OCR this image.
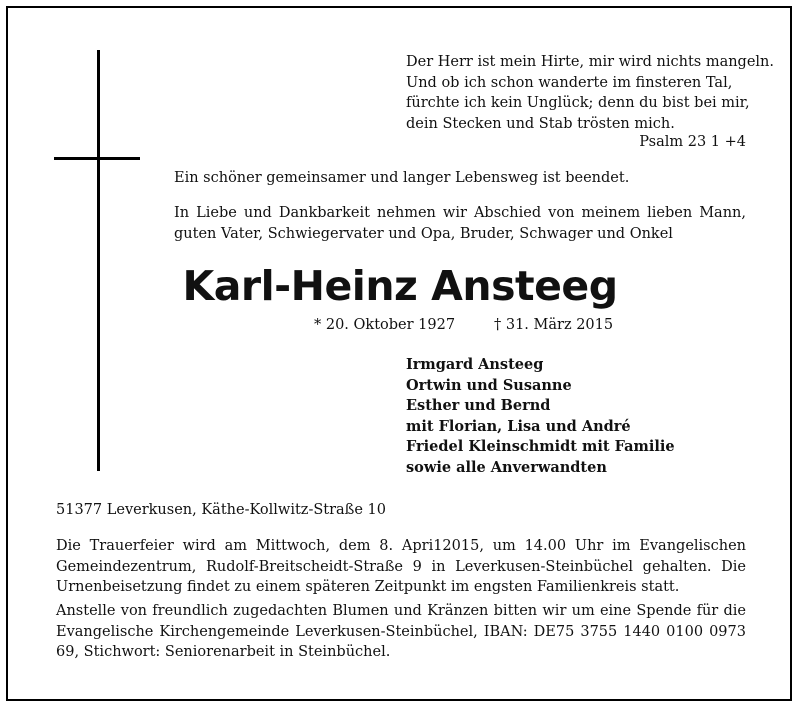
Der Herr ist mein Hirte, mir wird nichts mangeln.
Und ob ich schon wanderte im finsteren Tal,
fürchte ich kein Unglück; denn du bist bei mir,
dein Stecken und Stab trösten mich.
Psalm 23 1 +4
Ein schöner gemeinsamer und langer Lebensweg ist beendet.
In Liebe und Dankbarkeit nehmen wir Abschied von meinem lieben Mann, guten Vater, Schwiegervater und Opa, Bruder, Schwager und Onkel
Karl-Heinz Ansteeg
* 20. Oktober 1927	† 31. März 2015
Irmgard Ansteeg
Ortwin und Susanne
Esther und Bernd
mit Florian, Lisa und André
Friedel Kleinschmidt mit Familie
sowie alle Anverwandten
51377 Leverkusen, Käthe-Kollwitz-Straße 10
Die Trauerfeier wird am Mittwoch, dem 8. Apri12015, um 14.00 Uhr im Evangelischen Gemeindezentrum, Rudolf-Breitscheidt-Straße 9 in Leverkusen-Steinbüchel gehalten. Die Urnenbeisetzung findet zu einem späteren Zeitpunkt im engsten Familienkreis statt.
Anstelle von freundlich zugedachten Blumen und Kränzen bitten wir um eine Spende für die Evangelische Kirchengemeinde Leverkusen-Steinbüchel, IBAN: DE75 3755 1440 0100 0973 69, Stichwort: Seniorenarbeit in Steinbüchel.
